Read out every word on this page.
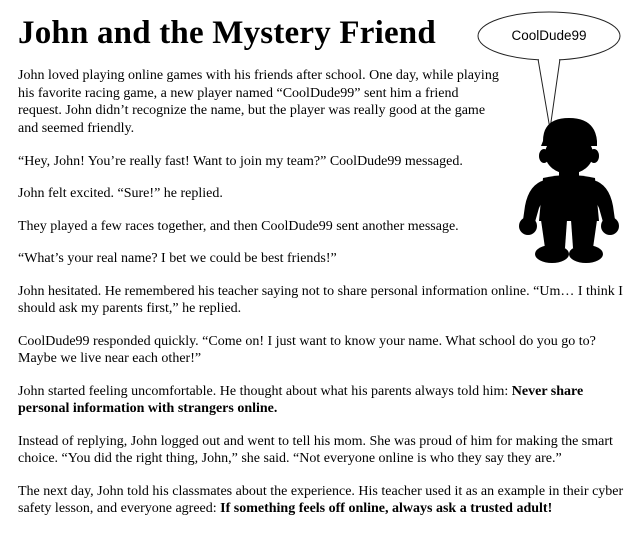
John and the Mystery Friend	CoolDude99

John loved playing online games with his friends after school. One day, while playing his favorite racing game, a new player named “CoolDude99” sent him a friend request. John didn’t recognize the name, but the player was really good at the game and seemed friendly.

“Hey, John! You’re really fast! Want to join my team?” CoolDude99 messaged.

John felt excited. “Sure!” he replied.

They played a few races together, and then CoolDude99 sent another message.

“What’s your real name? I bet we could be best friends!”

John hesitated. He remembered his teacher saying not to share personal information online. “Um… I think I should ask my parents first,” he replied.

CoolDude99 responded quickly. “Come on! I just want to know your name. What school do you go to? Maybe we live near each other!”

John started feeling uncomfortable. He thought about what his parents always told him: Never share personal information with strangers online.

Instead of replying, John logged out and went to tell his mom. She was proud of him for making the smart choice. “You did the right thing, John,” she said. “Not everyone online is who they say they are.”

The next day, John told his classmates about the experience. His teacher used it as an example in their cyber safety lesson, and everyone agreed: If something feels off online, always ask a trusted adult!
